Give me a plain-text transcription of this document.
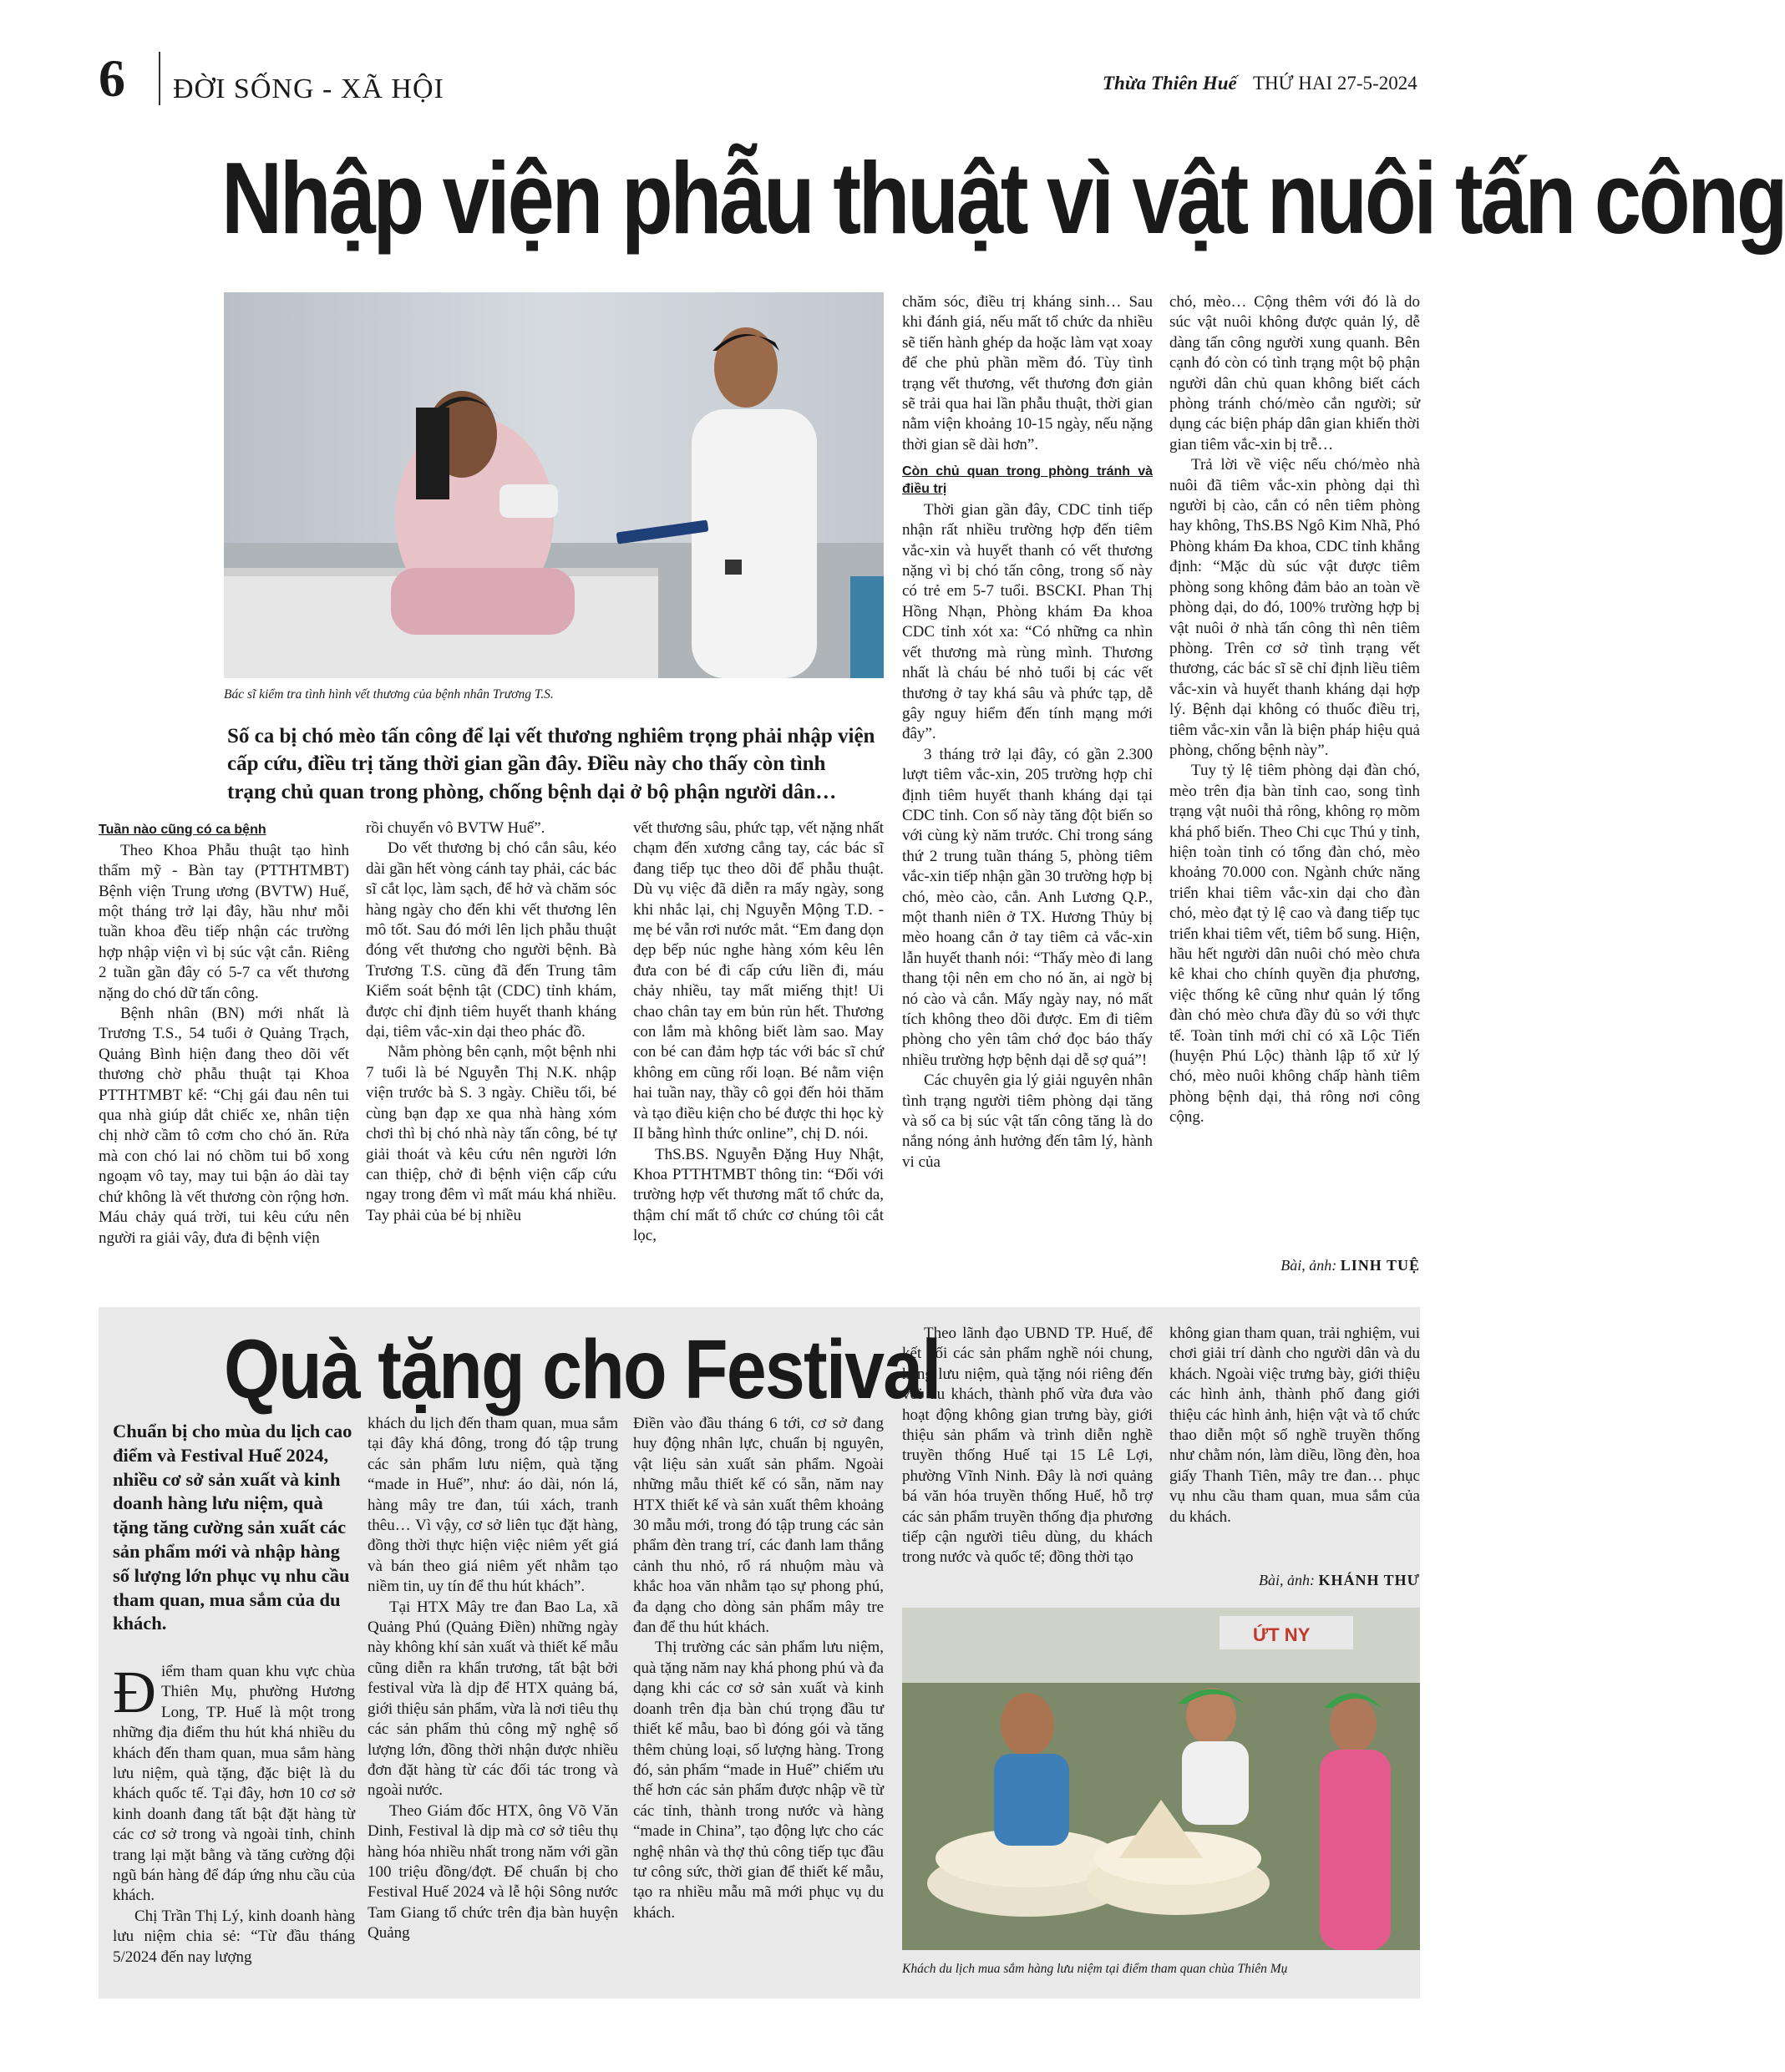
6 ĐỜI SỐNG - XÃ HỘI	Thừa Thiên Huế THỨ HAI 27-5-2024
Nhập viện phẫu thuật vì vật nuôi tấn công
Bác sĩ kiểm tra tình hình vết thương của bệnh nhân Trương T.S.
Số ca bị chó mèo tấn công để lại vết thương nghiêm trọng phải nhập viện cấp cứu, điều trị tăng thời gian gần đây. Điều này cho thấy còn tình trạng chủ quan trong phòng, chống bệnh dại ở bộ phận người dân…
Tuần nào cũng có ca bệnh

Theo Khoa Phẫu thuật tạo hình thẩm mỹ - Bàn tay (PTTHTMBT) Bệnh viện Trung ương (BVTW) Huế, một tháng trở lại đây, hầu như mỗi tuần khoa đều tiếp nhận các trường hợp nhập viện vì bị súc vật cắn. Riêng 2 tuần gần đây có 5-7 ca vết thương nặng do chó dữ tấn công.

Bệnh nhân (BN) mới nhất là Trương T.S., 54 tuổi ở Quảng Trạch, Quảng Bình hiện đang theo dõi vết thương chờ phẫu thuật tại Khoa PTTHTMBT kể: “Chị gái đau nên tui qua nhà giúp dắt chiếc xe, nhân tiện chị nhờ cầm tô cơm cho chó ăn. Rửa mà con chó lai nó chồm tui bổ xong ngoạm vô tay, may tui bận áo dài tay chứ không là vết thương còn rộng hơn. Máu chảy quá trời, tui kêu cứu nên người ra giải vây, đưa đi bệnh viện

rồi chuyển vô BVTW Huế”.

Do vết thương bị chó cắn sâu, kéo dài gần hết vòng cánh tay phải, các bác sĩ cắt lọc, làm sạch, để hở và chăm sóc hàng ngày cho đến khi vết thương lên mô tốt. Sau đó mới lên lịch phẫu thuật đóng vết thương cho người bệnh. Bà Trương T.S. cũng đã đến Trung tâm Kiểm soát bệnh tật (CDC) tỉnh khám, được chỉ định tiêm huyết thanh kháng dại, tiêm vắc-xin dại theo phác đồ.

Nằm phòng bên cạnh, một bệnh nhi 7 tuổi là bé Nguyễn Thị N.K. nhập viện trước bà S. 3 ngày. Chiều tối, bé cùng bạn đạp xe qua nhà hàng xóm chơi thì bị chó nhà này tấn công, bé tự giải thoát và kêu cứu nên người lớn can thiệp, chở đi bệnh viện cấp cứu ngay trong đêm vì mất máu khá nhiều. Tay phải của bé bị nhiều

vết thương sâu, phức tạp, vết nặng nhất chạm đến xương cẳng tay, các bác sĩ đang tiếp tục theo dõi để phẫu thuật. Dù vụ việc đã diễn ra mấy ngày, song khi nhắc lại, chị Nguyễn Mộng T.D. - mẹ bé vẫn rơi nước mắt. “Em đang dọn dẹp bếp núc nghe hàng xóm kêu lên đưa con bé đi cấp cứu liền đi, máu chảy nhiều, tay mất miếng thịt! Ui chao chân tay em bủn rủn hết. Thương con lắm mà không biết làm sao. May con bé can đảm hợp tác với bác sĩ chứ không em cũng rối loạn. Bé nằm viện hai tuần nay, thầy cô gọi đến hỏi thăm và tạo điều kiện cho bé được thi học kỳ II bằng hình thức online”, chị D. nói.

ThS.BS. Nguyễn Đặng Huy Nhật, Khoa PTTHTMBT thông tin: “Đối với trường hợp vết thương mất tổ chức da, thậm chí mất tổ chức cơ chúng tôi cắt lọc,

chăm sóc, điều trị kháng sinh… Sau khi đánh giá, nếu mất tổ chức da nhiều sẽ tiến hành ghép da hoặc làm vạt xoay để che phủ phần mềm đó. Tùy tình trạng vết thương, vết thương đơn giản sẽ trải qua hai lần phẫu thuật, thời gian nằm viện khoảng 10-15 ngày, nếu nặng thời gian sẽ dài hơn”.

Còn chủ quan trong phòng tránh và điều trị

Thời gian gần đây, CDC tỉnh tiếp nhận rất nhiều trường hợp đến tiêm vắc-xin và huyết thanh có vết thương nặng vì bị chó tấn công, trong số này có trẻ em 5-7 tuổi. BSCKI. Phan Thị Hồng Nhạn, Phòng khám Đa khoa CDC tỉnh xót xa: “Có những ca nhìn vết thương mà rùng mình. Thương nhất là cháu bé nhỏ tuổi bị các vết thương ở tay khá sâu và phức tạp, dễ gây nguy hiểm đến tính mạng mới đây”.

3 tháng trở lại đây, có gần 2.300 lượt tiêm vắc-xin, 205 trường hợp chỉ định tiêm huyết thanh kháng dại tại CDC tỉnh. Con số này tăng đột biến so với cùng kỳ năm trước. Chỉ trong sáng thứ 2 trung tuần tháng 5, phòng tiêm vắc-xin tiếp nhận gần 30 trường hợp bị chó, mèo cào, cắn. Anh Lương Q.P., một thanh niên ở TX. Hương Thủy bị mèo hoang cắn ở tay tiêm cả vắc-xin lẫn huyết thanh nói: “Thấy mèo đi lang thang tội nên em cho nó ăn, ai ngờ bị nó cào và cắn. Mấy ngày nay, nó mất tích không theo dõi được. Em đi tiêm phòng cho yên tâm chớ đọc báo thấy nhiều trường hợp bệnh dại dễ sợ quá”!

Các chuyên gia lý giải nguyên nhân tình trạng người tiêm phòng dại tăng và số ca bị súc vật tấn công tăng là do nắng nóng ảnh hưởng đến tâm lý, hành vi của

chó, mèo… Cộng thêm với đó là do súc vật nuôi không được quản lý, dễ dàng tấn công người xung quanh. Bên cạnh đó còn có tình trạng một bộ phận người dân chủ quan không biết cách phòng tránh chó/mèo cắn người; sử dụng các biện pháp dân gian khiến thời gian tiêm vắc-xin bị trễ…

Trả lời về việc nếu chó/mèo nhà nuôi đã tiêm vắc-xin phòng dại thì người bị cào, cắn có nên tiêm phòng hay không, ThS.BS Ngô Kim Nhã, Phó Phòng khám Đa khoa, CDC tỉnh khẳng định: “Mặc dù súc vật được tiêm phòng song không đảm bảo an toàn về phòng dại, do đó, 100% trường hợp bị vật nuôi ở nhà tấn công thì nên tiêm phòng. Trên cơ sở tình trạng vết thương, các bác sĩ sẽ chỉ định liều tiêm vắc-xin và huyết thanh kháng dại hợp lý. Bệnh dại không có thuốc điều trị, tiêm vắc-xin vẫn là biện pháp hiệu quả phòng, chống bệnh này”.

Tuy tỷ lệ tiêm phòng dại đàn chó, mèo trên địa bàn tỉnh cao, song tình trạng vật nuôi thả rông, không rọ mõm khá phổ biến. Theo Chi cục Thú y tỉnh, hiện toàn tỉnh có tổng đàn chó, mèo khoảng 70.000 con. Ngành chức năng triển khai tiêm vắc-xin dại cho đàn chó, mèo đạt tỷ lệ cao và đang tiếp tục triển khai tiêm vết, tiêm bổ sung. Hiện, hầu hết người dân nuôi chó mèo chưa kê khai cho chính quyền địa phương, việc thống kê cũng như quản lý tổng đàn chó mèo chưa đầy đủ so với thực tế. Toàn tỉnh mới chỉ có xã Lộc Tiến (huyện Phú Lộc) thành lập tổ xử lý chó, mèo nuôi không chấp hành tiêm phòng bệnh dại, thả rông nơi công cộng.

Bài, ảnh: LINH TUỆ
Quà tặng cho Festival
Chuẩn bị cho mùa du lịch cao điểm và Festival Huế 2024, nhiều cơ sở sản xuất và kinh doanh hàng lưu niệm, quà tặng tăng cường sản xuất các sản phẩm mới và nhập hàng số lượng lớn phục vụ nhu cầu tham quan, mua sắm của du khách.

Điểm tham quan khu vực chùa Thiên Mụ, phường Hương Long, TP. Huế là một trong những địa điểm thu hút khá nhiều du khách đến tham quan, mua sắm hàng lưu niệm, quà tặng, đặc biệt là du khách quốc tế. Tại đây, hơn 10 cơ sở kinh doanh đang tất bật đặt hàng từ các cơ sở trong và ngoài tỉnh, chỉnh trang lại mặt bằng và tăng cường đội ngũ bán hàng để đáp ứng nhu cầu của khách.

Chị Trần Thị Lý, kinh doanh hàng lưu niệm chia sẻ: “Từ đầu tháng 5/2024 đến nay lượng

khách du lịch đến tham quan, mua sắm tại đây khá đông, trong đó tập trung các sản phẩm lưu niệm, quà tặng “made in Huế”, như: áo dài, nón lá, hàng mây tre đan, túi xách, tranh thêu… Vì vậy, cơ sở liên tục đặt hàng, đồng thời thực hiện việc niêm yết giá và bán theo giá niêm yết nhằm tạo niềm tin, uy tín để thu hút khách”.

Tại HTX Mây tre đan Bao La, xã Quảng Phú (Quảng Điền) những ngày này không khí sản xuất và thiết kế mẫu cũng diễn ra khẩn trương, tất bật bởi festival vừa là dịp để HTX quảng bá, giới thiệu sản phẩm, vừa là nơi tiêu thụ các sản phẩm thủ công mỹ nghệ số lượng lớn, đồng thời nhận được nhiều đơn đặt hàng từ các đối tác trong và ngoài nước.

Theo Giám đốc HTX, ông Võ Văn Dinh, Festival là dịp mà cơ sở tiêu thụ hàng hóa nhiều nhất trong năm với gần 100 triệu đồng/đợt. Để chuẩn bị cho Festival Huế 2024 và lễ hội Sông nước Tam Giang tổ chức trên địa bàn huyện Quảng

Điền vào đầu tháng 6 tới, cơ sở đang huy động nhân lực, chuẩn bị nguyên, vật liệu sản xuất sản phẩm. Ngoài những mẫu thiết kế có sẵn, năm nay HTX thiết kế và sản xuất thêm khoảng 30 mẫu mới, trong đó tập trung các sản phẩm đèn trang trí, các đanh lam thắng cảnh thu nhỏ, rổ rá nhuộm màu và khắc hoa văn nhằm tạo sự phong phú, đa dạng cho dòng sản phẩm mây tre đan để thu hút khách.

Thị trường các sản phẩm lưu niệm, quà tặng năm nay khá phong phú và đa dạng khi các cơ sở sản xuất và kinh doanh trên địa bàn chú trọng đầu tư thiết kế mẫu, bao bì đóng gói và tăng thêm chủng loại, số lượng hàng. Trong đó, sản phẩm “made in Huế” chiếm ưu thế hơn các sản phẩm được nhập về từ các tỉnh, thành trong nước và hàng “made in China”, tạo động lực cho các nghệ nhân và thợ thủ công tiếp tục đầu tư công sức, thời gian để thiết kế mẫu, tạo ra nhiều mẫu mã mới phục vụ du khách.

Theo lãnh đạo UBND TP. Huế, để kết nối các sản phẩm nghề nói chung, hàng lưu niệm, quà tặng nói riêng đến với du khách, thành phố vừa đưa vào hoạt động không gian trưng bày, giới thiệu sản phẩm và trình diễn nghề truyền thống Huế tại 15 Lê Lợi, phường Vĩnh Ninh. Đây là nơi quảng bá văn hóa truyền thống Huế, hỗ trợ các sản phẩm truyền thống địa phương tiếp cận người tiêu dùng, du khách trong nước và quốc tế; đồng thời tạo

không gian tham quan, trải nghiệm, vui chơi giải trí dành cho người dân và du khách. Ngoài việc trưng bày, giới thiệu các hình ảnh, thành phố đang giới thiệu các hình ảnh, hiện vật và tổ chức thao diễn một số nghề truyền thống như chằm nón, làm diều, lồng đèn, hoa giấy Thanh Tiên, mây tre đan… phục vụ nhu cầu tham quan, mua sắm của du khách.

Bài, ảnh: KHÁNH THƯ
ỨT NY
Khách du lịch mua sắm hàng lưu niệm tại điểm tham quan chùa Thiên Mụ
